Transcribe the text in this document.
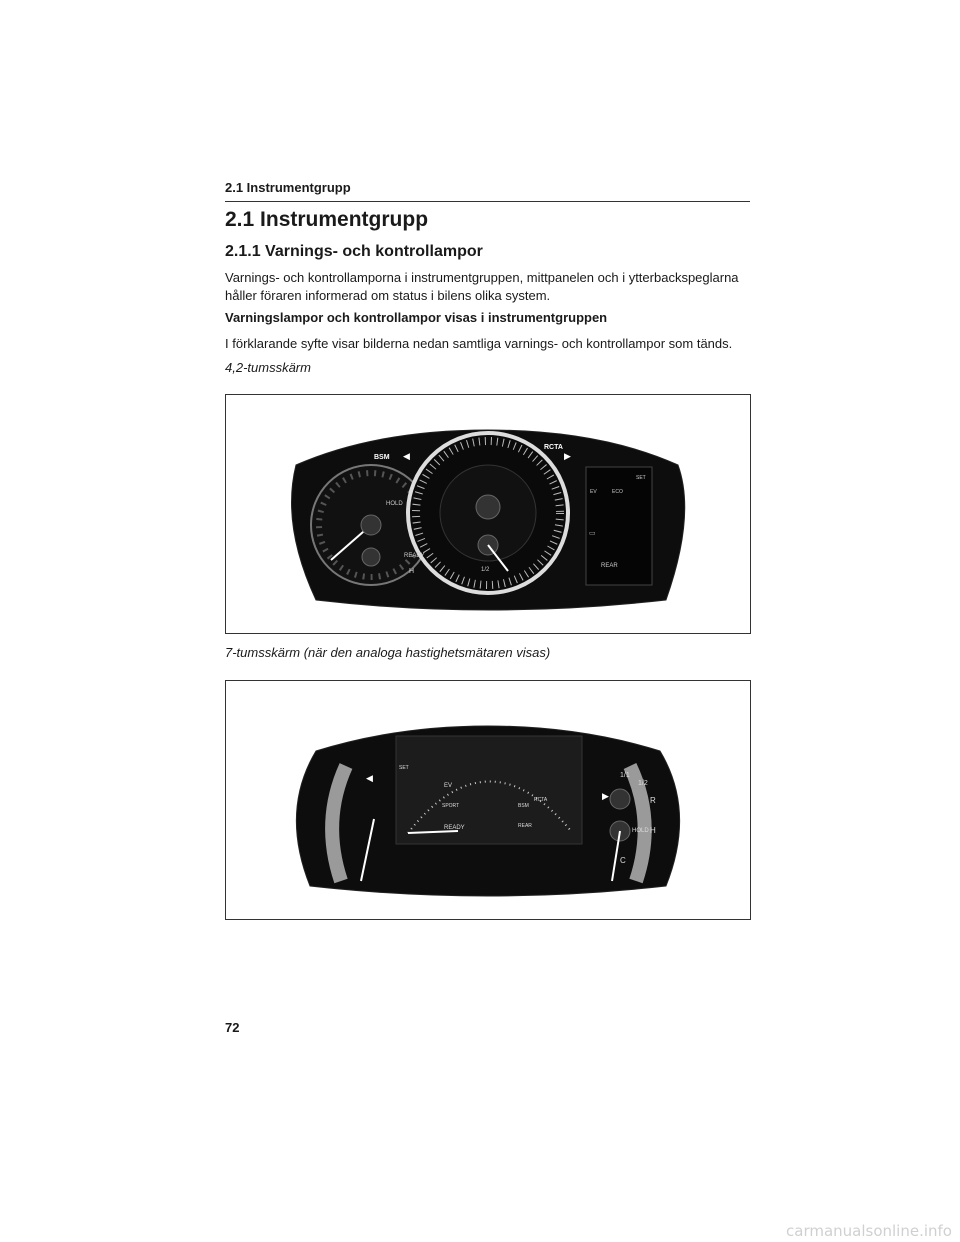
2.1 Instrumentgrupp
2.1 Instrumentgrupp
2.1.1 Varnings- och kontrollampor
Varnings- och kontrollamporna i instrumentgruppen, mittpanelen och i ytterbackspeglarna håller föraren informerad om status i bilens olika system.
Varningslampor och kontrollampor visas i instrumentgruppen
I förklarande syfte visar bilderna nedan samtliga varnings- och kontrollampor som tänds.
4,2-tumsskärm
BSM ◀
RCTA
▶
HOLD
READY
H	1/2
SET
EV	ECO
REAR
▭
7-tumsskärm (när den analoga hastighetsmätaren visas)
EV
SPORT	BSM
RCTA
READY	REAR
HOLD
SET
1/1
1/2
R
H
C
◀
▶
72
carmanualsonline.info
